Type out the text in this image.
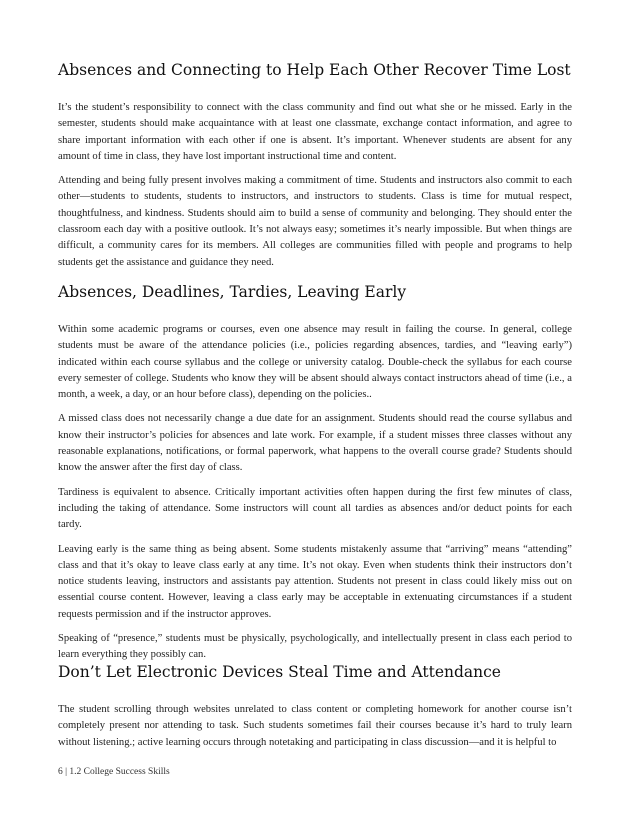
Absences and Connecting to Help Each Other Recover Time Lost

It’s the student’s responsibility to connect with the class community and find out what she or he missed. Early in the semester, students should make acquaintance with at least one classmate, exchange contact information, and agree to share important information with each other if one is absent. It’s important. Whenever students are absent for any amount of time in class, they have lost important instructional time and content.

Attending and being fully present involves making a commitment of time. Students and instructors also commit to each other—students to students, students to instructors, and instructors to students. Class is time for mutual respect, thoughtfulness, and kindness. Students should aim to build a sense of community and belonging. They should enter the classroom each day with a positive outlook. It’s not always easy; sometimes it’s nearly impossible. But when things are difficult, a community cares for its members. All colleges are communities filled with people and programs to help students get the assistance and guidance they need.

Absences, Deadlines, Tardies, Leaving Early

Within some academic programs or courses, even one absence may result in failing the course. In general, college students must be aware of the attendance policies (i.e., policies regarding absences, tardies, and “leaving early”) indicated within each course syllabus and the college or university catalog. Double-check the syllabus for each course every semester of college. Students who know they will be absent should always contact instructors ahead of time (i.e., a month, a week, a day, or an hour before class), depending on the policies..

A missed class does not necessarily change a due date for an assignment. Students should read the course syllabus and know their instructor’s policies for absences and late work. For example, if a student misses three classes without any reasonable explanations, notifications, or formal paperwork, what happens to the overall course grade? Students should know the answer after the first day of class.

Tardiness is equivalent to absence. Critically important activities often happen during the first few minutes of class, including the taking of attendance. Some instructors will count all tardies as absences and/or deduct points for each tardy.

Leaving early is the same thing as being absent. Some students mistakenly assume that “arriving” means “attending” class and that it’s okay to leave class early at any time. It’s not okay. Even when students think their instructors don’t notice students leaving, instructors and assistants pay attention. Students not present in class could likely miss out on essential course content. However, leaving a class early may be acceptable in extenuating circumstances if a student requests permission and if the instructor approves.

Speaking of “presence,” students must be physically, psychologically, and intellectually present in class each period to learn everything they possibly can.

Don’t Let Electronic Devices Steal Time and Attendance

The student scrolling through websites unrelated to class content or completing homework for another course isn’t completely present nor attending to task. Such students sometimes fail their courses because it’s hard to truly learn without listening.; active learning occurs through notetaking and participating in class discussion—and it is helpful to

6 | 1.2 College Success Skills
